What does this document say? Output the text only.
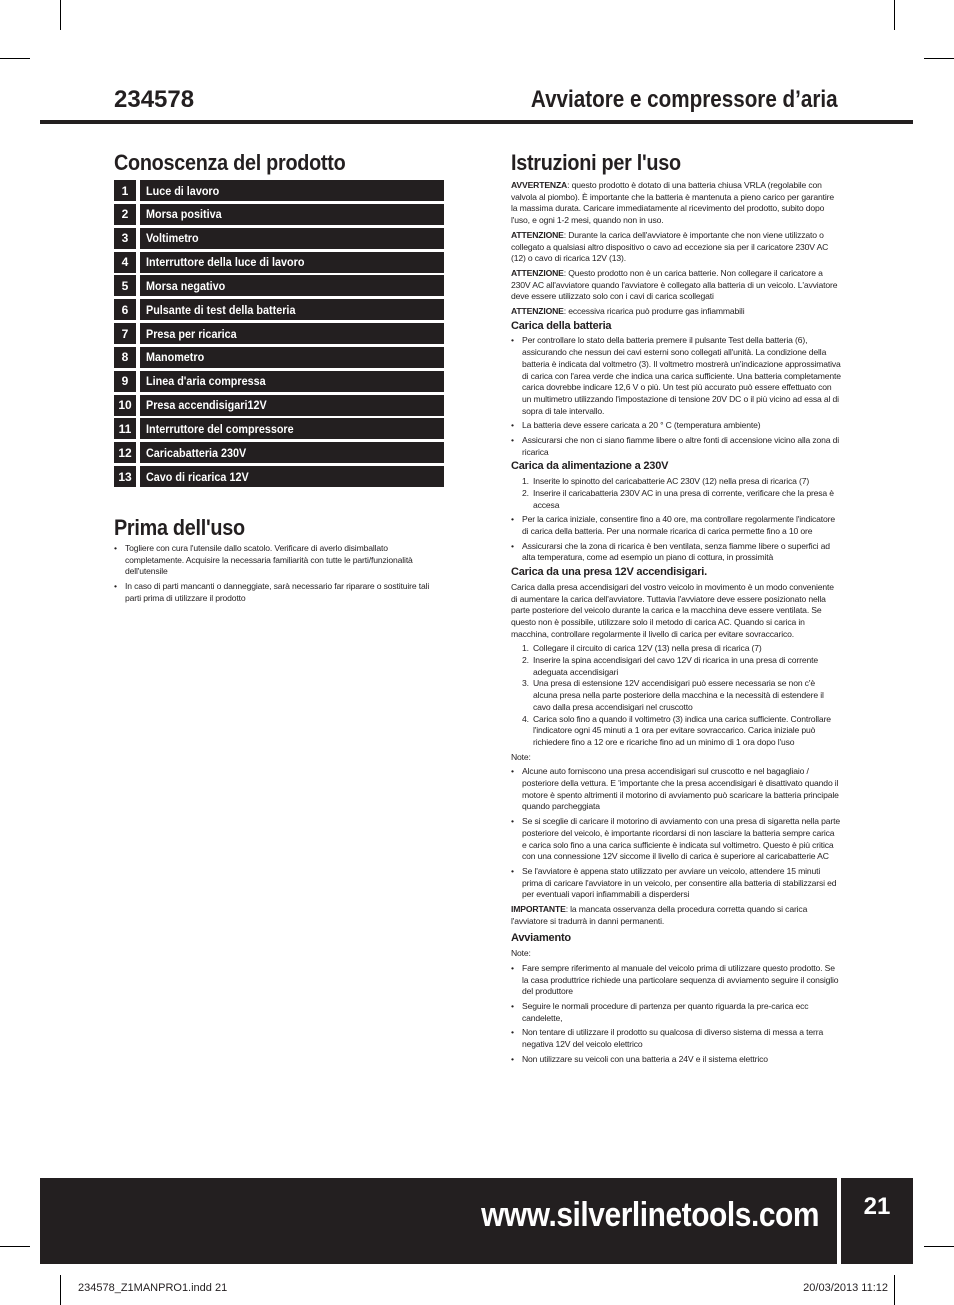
234578	Avviatore e compressore d’aria
Conoscenza del prodotto
1	Luce di lavoro
2	Morsa positiva
3	Voltimetro
4	Interruttore della luce di lavoro
5	Morsa negativo
6	Pulsante di test della batteria
7	Presa per ricarica
8	Manometro
9	Linea d'aria compressa
10	Presa accendisigari12V
11	Interruttore del compressore
12	Caricabatteria 230V
13	Cavo di ricarica 12V
Prima dell'uso
• Togliere con cura l'utensile dallo scatolo. Verificare di averlo disimballato completamente. Acquisire la necessaria familiarità con tutte le parti/funzionalità dell'utensile
• In caso di parti mancanti o danneggiate, sarà necessario far riparare o sostituire tali parti prima di utilizzare il prodotto
Istruzioni per l'uso

AVVERTENZA: questo prodotto è dotato di una batteria chiusa VRLA (regolabile con valvola al piombo). È importante che la batteria è mantenuta a pieno carico per garantire la massima durata. Caricare immediatamente al ricevimento del prodotto, subito dopo l'uso, e ogni 1-2 mesi, quando non in uso.

ATTENZIONE: Durante la carica dell'avviatore è importante che non viene utilizzato o collegato a qualsiasi altro dispositivo o cavo ad eccezione sia per il caricatore 230V AC (12) o cavo di ricarica 12V (13).

ATTENZIONE: Questo prodotto non è un carica batterie. Non collegare il caricatore a 230V AC all'avviatore quando l'avviatore è collegato alla batteria di un veicolo. L'avviatore deve essere utilizzato solo con i cavi di carica scollegati

ATTENZIONE: eccessiva ricarica può produrre gas infiammabili

Carica della batteria
• Per controllare lo stato della batteria premere il pulsante Test della batteria (6), assicurando che nessun dei cavi esterni sono collegati all'unità. La condizione della batteria è indicata dal voltmetro (3). Il voltmetro mostrerà un'indicazione approssimativa di carica con l'area verde che indica una carica sufficiente. Una batteria completamente carica dovrebbe indicare 12,6 V o più. Un test più accurato può essere effettuato con un multimetro utilizzando l'impostazione di tensione 20V DC o il più vicino ad essa al di sopra di tale intervallo.
• La batteria deve essere caricata a 20 ° C (temperatura ambiente)
• Assicurarsi che non ci siano fiamme libere o altre fonti di accensione vicino alla zona di ricarica
Carica da alimentazione a 230V
1. Inserite lo spinotto del caricabatterie AC 230V (12) nella presa di ricarica (7)
2. Inserire il caricabatteria 230V AC in una presa di corrente, verificare che la presa è accesa
• Per la carica iniziale, consentire fino a 40 ore, ma controllare regolarmente l'indicatore di carica della batteria. Per una normale ricarica di carica permette fino a 10 ore
• Assicurarsi che la zona di ricarica è ben ventilata, senza fiamme libere o superfici ad alta temperatura, come ad esempio un piano di cottura, in prossimità
Carica da una presa 12V accendisigari.

Carica dalla presa accendisigari del vostro veicolo in movimento è un modo conveniente di aumentare la carica dell'avviatore. Tuttavia l'avviatore deve essere posizionato nella parte posteriore del veicolo durante la carica e la macchina deve essere ventilata. Se questo non è possibile, utilizzare solo il metodo di carica AC. Quando si carica in macchina, controllare regolarmente il livello di carica per evitare sovraccarico.

1. Collegare il circuito di carica 12V (13) nella presa di ricarica (7)
2. Inserire la spina accendisigari del cavo 12V di ricarica in una presa di corrente adeguata accendisigari
3. Una presa di estensione 12V accendisigari può essere necessaria se non c'è alcuna presa nella parte posteriore della macchina e la necessità di estendere il cavo dalla presa accendisigari nel cruscotto
4. Carica solo fino a quando il voltimetro (3) indica una carica sufficiente. Controllare l'indicatore ogni 45 minuti a 1 ora per evitare sovraccarico. Carica iniziale può richiedere fino a 12 ore e ricariche fino ad un minimo di 1 ora dopo l'uso

Note:

• Alcune auto forniscono una presa accendisigari sul cruscotto e nel bagagliaio / posteriore della vettura. E 'importante che la presa accendisigari è disattivato quando il motore è spento altrimenti il motorino di avviamento può scaricare la batteria principale quando parcheggiata
• Se si sceglie di caricare il motorino di avviamento con una presa di sigaretta nella parte posteriore del veicolo, è importante ricordarsi di non lasciare la batteria sempre carica e carica solo fino a una carica sufficiente è indicata sul voltimetro. Questo è più critica con una connessione 12V siccome il livello di carica è superiore al caricabatterie AC
• Se l'avviatore è appena stato utilizzato per avviare un veicolo, attendere 15 minuti prima di caricare l'avviatore in un veicolo, per consentire alla batteria di stabilizzarsi ed per eventuali vapori infiammabili a disperdersi

IMPORTANTE: la mancata osservanza della procedura corretta quando si carica l'avviatore si tradurrà in danni permanenti.

Avviamento

Note:

• Fare sempre riferimento al manuale del veicolo prima di utilizzare questo prodotto. Se la casa produttrice richiede una particolare sequenza di avviamento seguire il consiglio del produttore
• Seguire le normali procedure di partenza per quanto riguarda la pre-carica ecc candelette,
• Non tentare di utilizzare il prodotto su qualcosa di diverso sistema di messa a terra negativa 12V del veicolo elettrico
• Non utilizzare su veicoli con una batteria a 24V e il sistema elettrico
www.silverlinetools.com	21
234578_Z1MANPRO1.indd 21	20/03/2013 11:12
